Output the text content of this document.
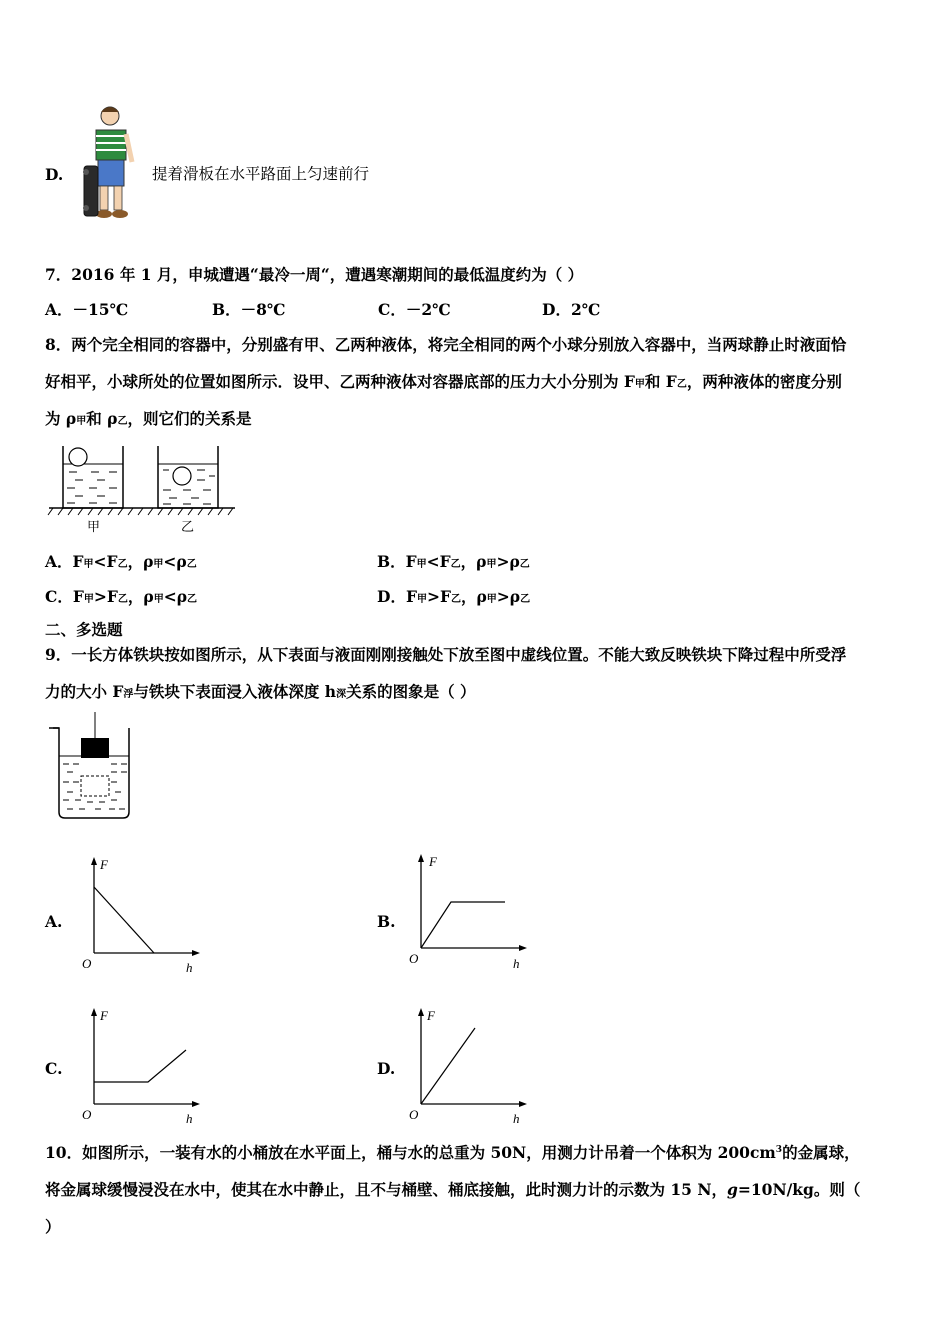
D.	提着滑板在水平路面上匀速前行
7．2016 年 1 月，申城遭遇“最冷一周“，遭遇寒潮期间的最低温度约为（ ）
A．－15℃	B．－8℃	C．－2℃	D．2℃
8．两个完全相同的容器中，分别盛有甲、乙两种液体，将完全相同的两个小球分别放入容器中，当两球静止时液面恰
好相平，小球所处的位置如图所示．设甲、乙两种液体对容器底部的压力大小分别为 F甲和 F乙，两种液体的密度分别
为 ρ甲和 ρ乙，则它们的关系是
甲	乙
A．F甲<F乙，ρ甲<ρ乙	B．F甲<F乙，ρ甲>ρ乙
C．F甲>F乙，ρ甲<ρ乙	D．F甲>F乙，ρ甲>ρ乙
二、多选题
9．一长方体铁块按如图所示，从下表面与液面刚刚接触处下放至图中虚线位置。不能大致反映铁块下降过程中所受浮
力的大小 F浮与铁块下表面浸入液体深度 h深关系的图象是（ ）
A.
F
O	h
B.
F
O	h
C.
F
O	h
D.
F
O	h
10．如图所示，一装有水的小桶放在水平面上，桶与水的总重为 50N，用测力计吊着一个体积为 $200cm^3$的金属球，
将金属球缓慢浸没在水中，使其在水中静止，且不与桶壁、桶底接触，此时测力计的示数为 15 N，g=10N/kg。则（
）
